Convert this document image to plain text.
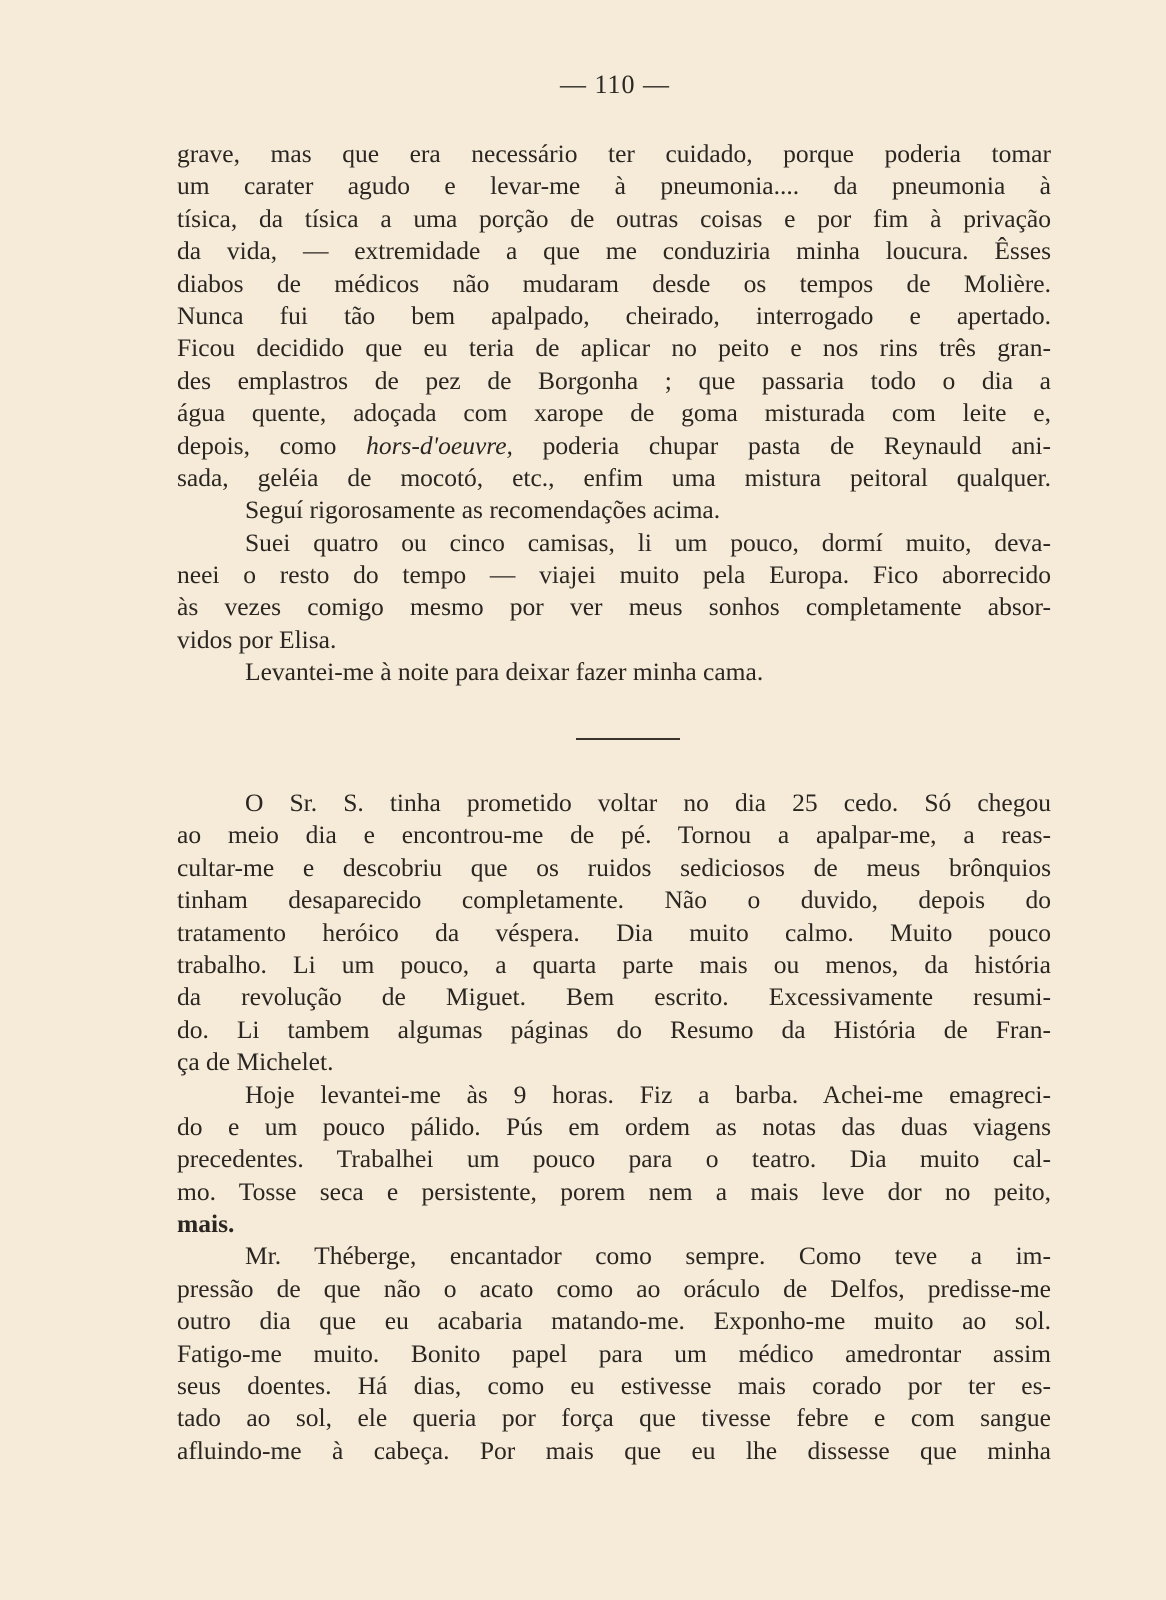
— 110 —
grave, mas que era necessário ter cuidado, porque poderia tomar
um carater agudo e levar-me à pneumonia.... da pneumonia à
tísica, da tísica a uma porção de outras coisas e por fim à privação
da vida, — extremidade a que me conduziria minha loucura. Êsses
diabos de médicos não mudaram desde os tempos de Molière.
Nunca fui tão bem apalpado, cheirado, interrogado e apertado.
Ficou decidido que eu teria de aplicar no peito e nos rins três gran-
des emplastros de pez de Borgonha ; que passaria todo o dia a
água quente, adoçada com xarope de goma misturada com leite e,
depois, como hors-d'oeuvre, poderia chupar pasta de Reynauld ani-
sada, geléia de mocotó, etc., enfim uma mistura peitoral qualquer.
Seguí rigorosamente as recomendações acima.
Suei quatro ou cinco camisas, li um pouco, dormí muito, deva-
neei o resto do tempo — viajei muito pela Europa. Fico aborrecido
às vezes comigo mesmo por ver meus sonhos completamente absor-
vidos por Elisa.
Levantei-me à noite para deixar fazer minha cama.
O Sr. S. tinha prometido voltar no dia 25 cedo. Só chegou
ao meio dia e encontrou-me de pé. Tornou a apalpar-me, a reas-
cultar-me e descobriu que os ruidos sediciosos de meus brônquios
tinham desaparecido completamente. Não o duvido, depois do
tratamento heróico da véspera. Dia muito calmo. Muito pouco
trabalho. Li um pouco, a quarta parte mais ou menos, da história
da revolução de Miguet. Bem escrito. Excessivamente resumi-
do. Li tambem algumas páginas do Resumo da História de Fran-
ça de Michelet.
Hoje levantei-me às 9 horas. Fiz a barba. Achei-me emagreci-
do e um pouco pálido. Pús em ordem as notas das duas viagens
precedentes. Trabalhei um pouco para o teatro. Dia muito cal-
mo. Tosse seca e persistente, porem nem a mais leve dor no peito,
mais.
Mr. Théberge, encantador como sempre. Como teve a im-
pressão de que não o acato como ao oráculo de Delfos, predisse-me
outro dia que eu acabaria matando-me. Exponho-me muito ao sol.
Fatigo-me muito. Bonito papel para um médico amedrontar assim
seus doentes. Há dias, como eu estivesse mais corado por ter es-
tado ao sol, ele queria por força que tivesse febre e com sangue
afluindo-me à cabeça. Por mais que eu lhe dissesse que minha
